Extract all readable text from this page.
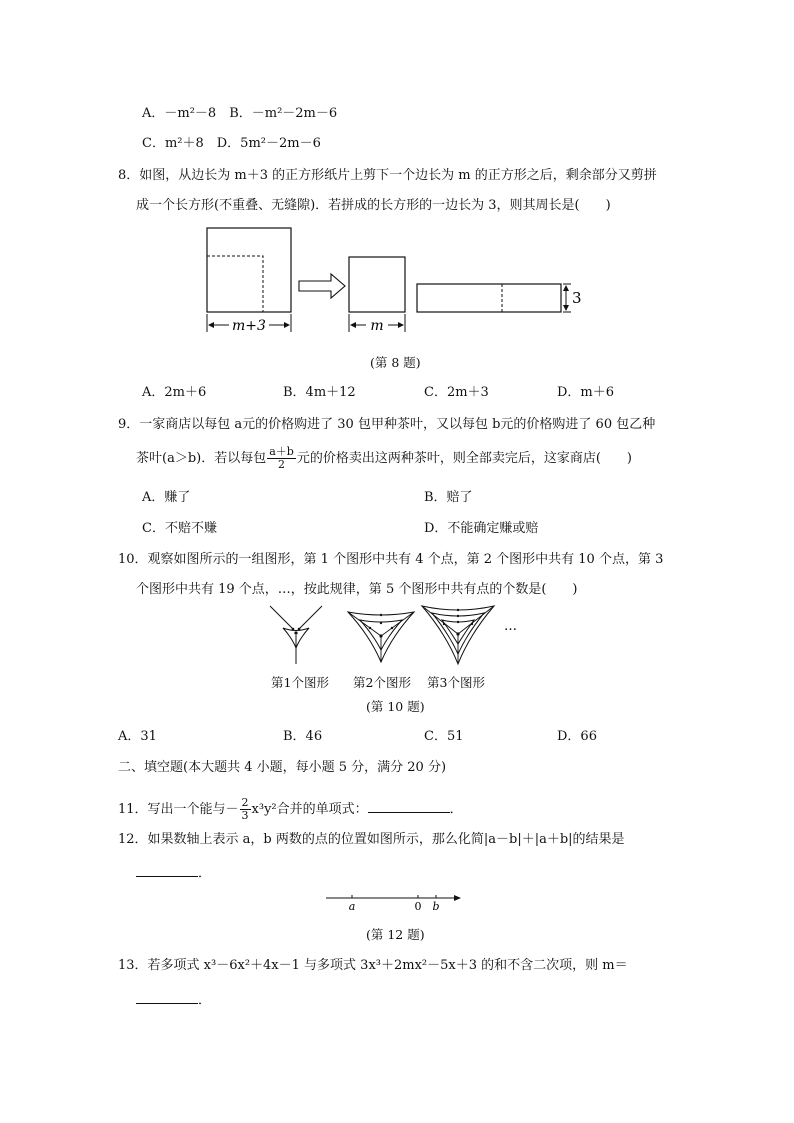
A．－m²－8　B．－m²－2m－6
C．m²＋8　D．5m²－2m－6
8．如图，从边长为 m＋3 的正方形纸片上剪下一个边长为 m 的正方形之后，剩余部分又剪拼
成一个长方形(不重叠、无缝隙)．若拼成的长方形的一边长为 3，则其周长是(　　)
m+3	m
3
(第 8 题)
A．2m＋6	B．4m＋12	C．2m＋3	D．m＋6
9．一家商店以每包 a元的价格购进了 30 包甲种茶叶，又以每包 b元的价格购进了 60 包乙种
茶叶(a＞b)．若以每包 $\frac{a+b}{2}$ 元的价格卖出这两种茶叶，则全部卖完后，这家商店(　　)
A．赚了	B．赔了
C．不赔不赚	D．不能确定赚或赔
10．观察如图所示的一组图形，第 1 个图形中共有 4 个点，第 2 个图形中共有 10 个点，第 3
个图形中共有 19 个点，…，按此规律，第 5 个图形中共有点的个数是(　　)
…
第1个图形 第2个图形 第3个图形
(第 10 题)
A．31	B．46	C．51	D．66
二、填空题(本大题共 4 小题，每小题 5 分，满分 20 分)
11．写出一个能与－ $\frac{2}{3} x^3y^2$合并的单项式：	．
12．如果数轴上表示 a，b 两数的点的位置如图所示，那么化简|a－b|＋|a＋b|的结果是
．
a	0 b
(第 12 题)
13．若多项式 x³－6x²＋4x－1 与多项式 3x³＋2mx²－5x＋3 的和不含二次项，则 m＝
．
